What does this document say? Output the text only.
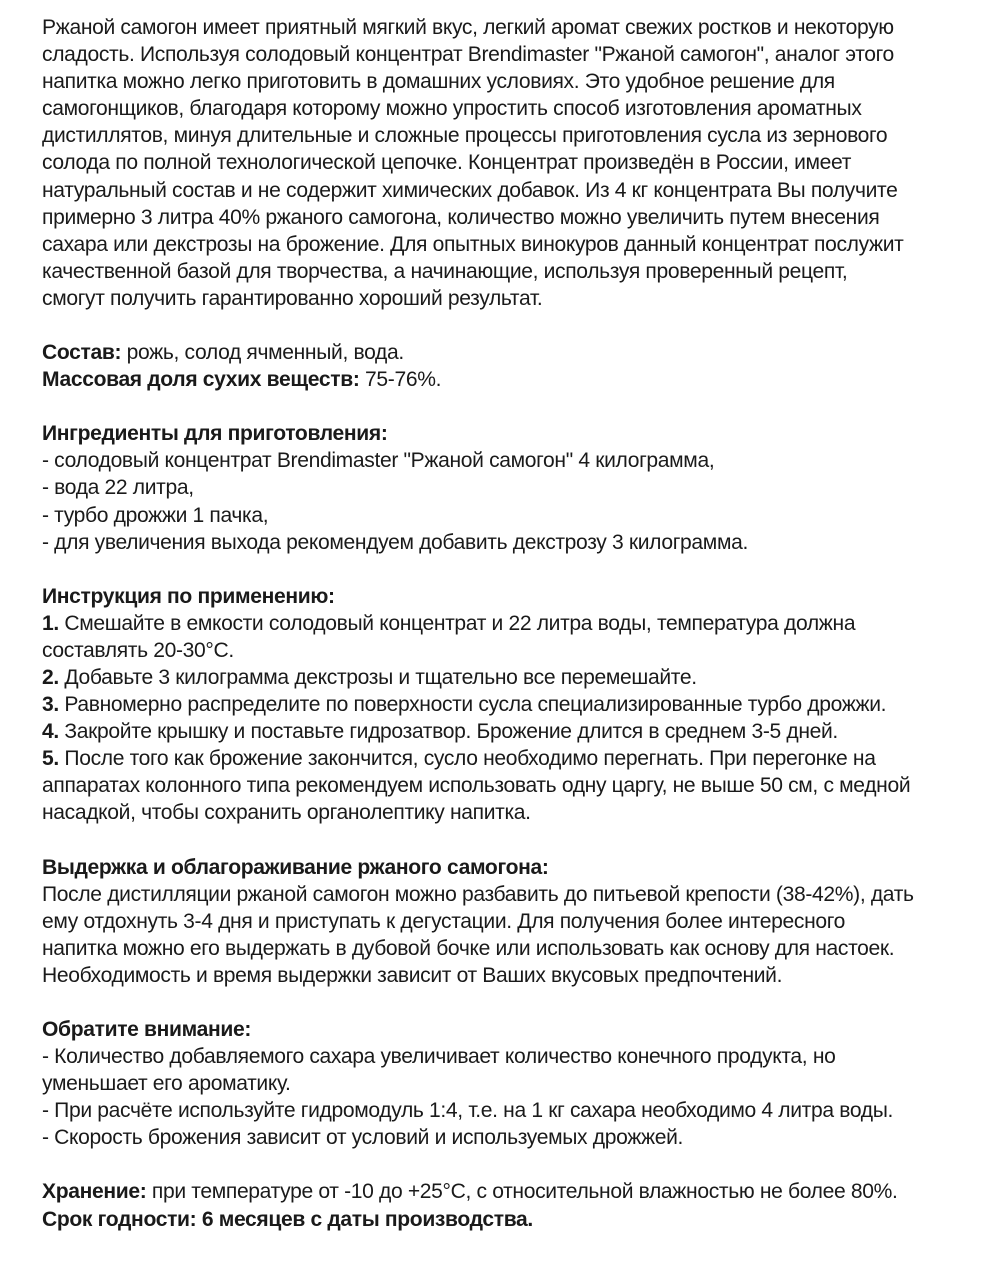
Ржаной самогон имеет приятный мягкий вкус, легкий аромат свежих ростков и некоторую
сладость. Используя солодовый концентрат Brendimaster "Ржаной самогон", аналог этого
напитка можно легко приготовить в домашних условиях. Это удобное решение для
самогонщиков, благодаря которому можно упростить способ изготовления ароматных
дистиллятов, минуя длительные и сложные процессы приготовления сусла из зернового
солода по полной технологической цепочке. Концентрат произведён в России, имеет
натуральный состав и не содержит химических добавок. Из 4 кг концентрата Вы получите
примерно 3 литра 40% ржаного самогона, количество можно увеличить путем внесения
сахара или декстрозы на брожение. Для опытных винокуров данный концентрат послужит
качественной базой для творчества, а начинающие, используя проверенный рецепт,
смогут получить гарантированно хороший результат.
Состав: рожь, солод ячменный, вода.
Массовая доля сухих веществ: 75-76%.
Ингредиенты для приготовления:
- солодовый концентрат Brendimaster "Ржаной самогон" 4 килограмма,
- вода 22 литра,
- турбо дрожжи 1 пачка,
- для увеличения выхода рекомендуем добавить декстрозу 3 килограмма.
Инструкция по применению:
1. Смешайте в емкости солодовый концентрат и 22 литра воды, температура должна
составлять 20-30°С.
2. Добавьте 3 килограмма декстрозы и тщательно все перемешайте.
3. Равномерно распределите по поверхности сусла специализированные турбо дрожжи.
4. Закройте крышку и поставьте гидрозатвор. Брожение длится в среднем 3-5 дней.
5. После того как брожение закончится, сусло необходимо перегнать. При перегонке на
аппаратах колонного типа рекомендуем использовать одну царгу, не выше 50 см, с медной
насадкой, чтобы сохранить органолептику напитка.
Выдержка и облагораживание ржаного самогона:
После дистилляции ржаной самогон можно разбавить до питьевой крепости (38-42%), дать
ему отдохнуть 3-4 дня и приступать к дегустации. Для получения более интересного
напитка можно его выдержать в дубовой бочке или использовать как основу для настоек.
Необходимость и время выдержки зависит от Ваших вкусовых предпочтений.
Обратите внимание:
- Количество добавляемого сахара увеличивает количество конечного продукта, но
уменьшает его ароматику.
- При расчёте используйте гидромодуль 1:4, т.е. на 1 кг сахара необходимо 4 литра воды.
- Скорость брожения зависит от условий и используемых дрожжей.
Хранение: при температуре от -10 до +25°С, с относительной влажностью не более 80%.
Срок годности: 6 месяцев с даты производства.
